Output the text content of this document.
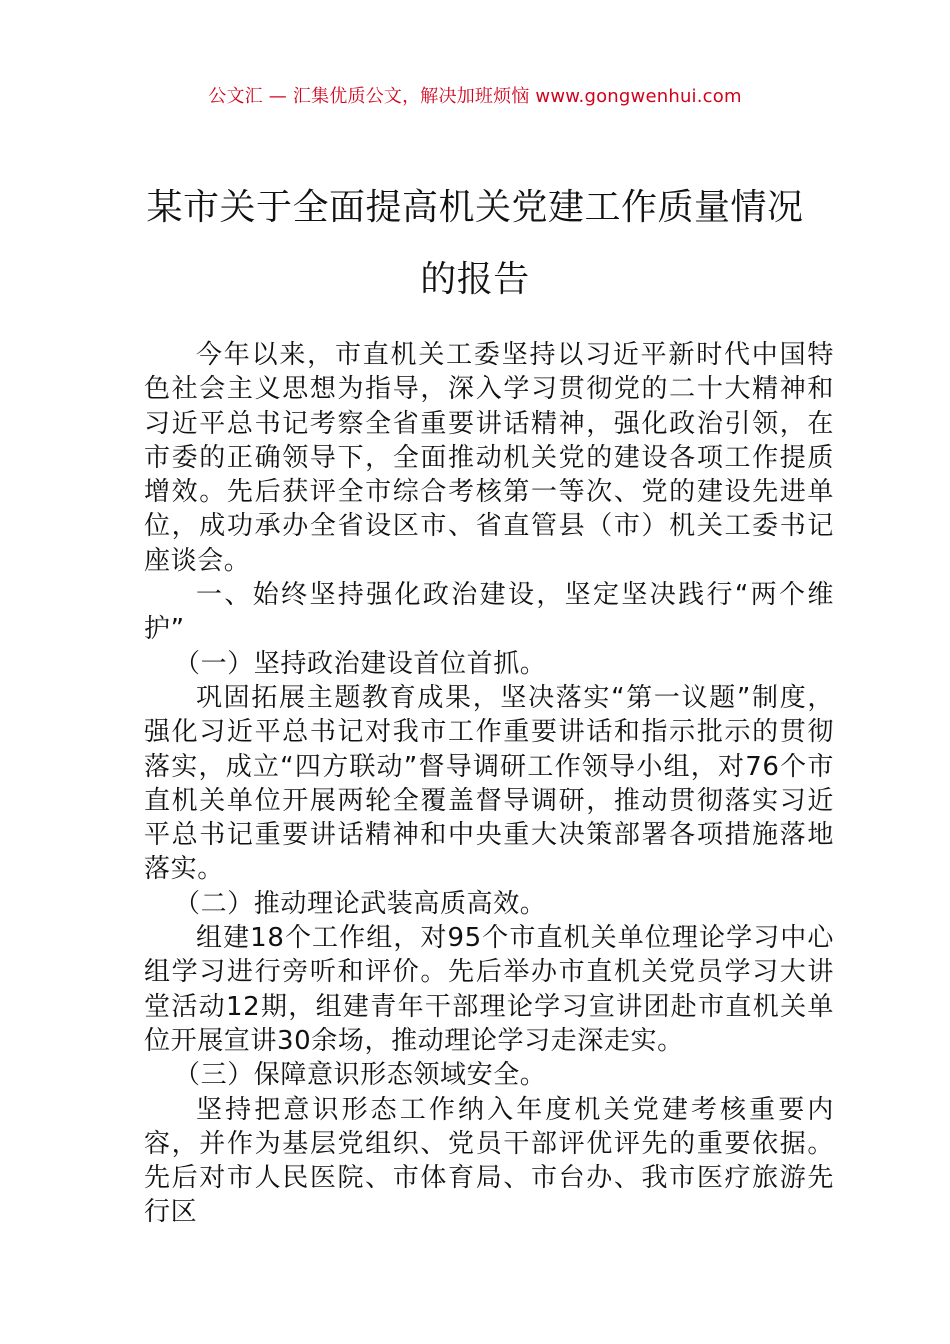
公文汇 — 汇集优质公文，解决加班烦恼 www.gongwenhui.com
某市关于全面提高机关党建工作质量情况
的报告

今年以来，市直机关工委坚持以习近平新时代中国特色社会主义思想为指导，深入学习贯彻党的二十大精神和习近平总书记考察全省重要讲话精神，强化政治引领，在市委的正确领导下，全面推动机关党的建设各项工作提质增效。先后获评全市综合考核第一等次、党的建设先进单位，成功承办全省设区市、省直管县（市）机关工委书记座谈会。

一、始终坚持强化政治建设，坚定坚决践行“两个维护”

（一）坚持政治建设首位首抓。

巩固拓展主题教育成果，坚决落实“第一议题”制度，强化习近平总书记对我市工作重要讲话和指示批示的贯彻落实，成立“四方联动”督导调研工作领导小组，对76个市直机关单位开展两轮全覆盖督导调研，推动贯彻落实习近平总书记重要讲话精神和中央重大决策部署各项措施落地落实。

（二）推动理论武装高质高效。

组建18个工作组，对95个市直机关单位理论学习中心组学习进行旁听和评价。先后举办市直机关党员学习大讲堂活动12期，组建青年干部理论学习宣讲团赴市直机关单位开展宣讲30余场，推动理论学习走深走实。

（三）保障意识形态领域安全。

坚持把意识形态工作纳入年度机关党建考核重要内容，并作为基层党组织、党员干部评优评先的重要依据。先后对市人民医院、市体育局、市台办、我市医疗旅游先行区
